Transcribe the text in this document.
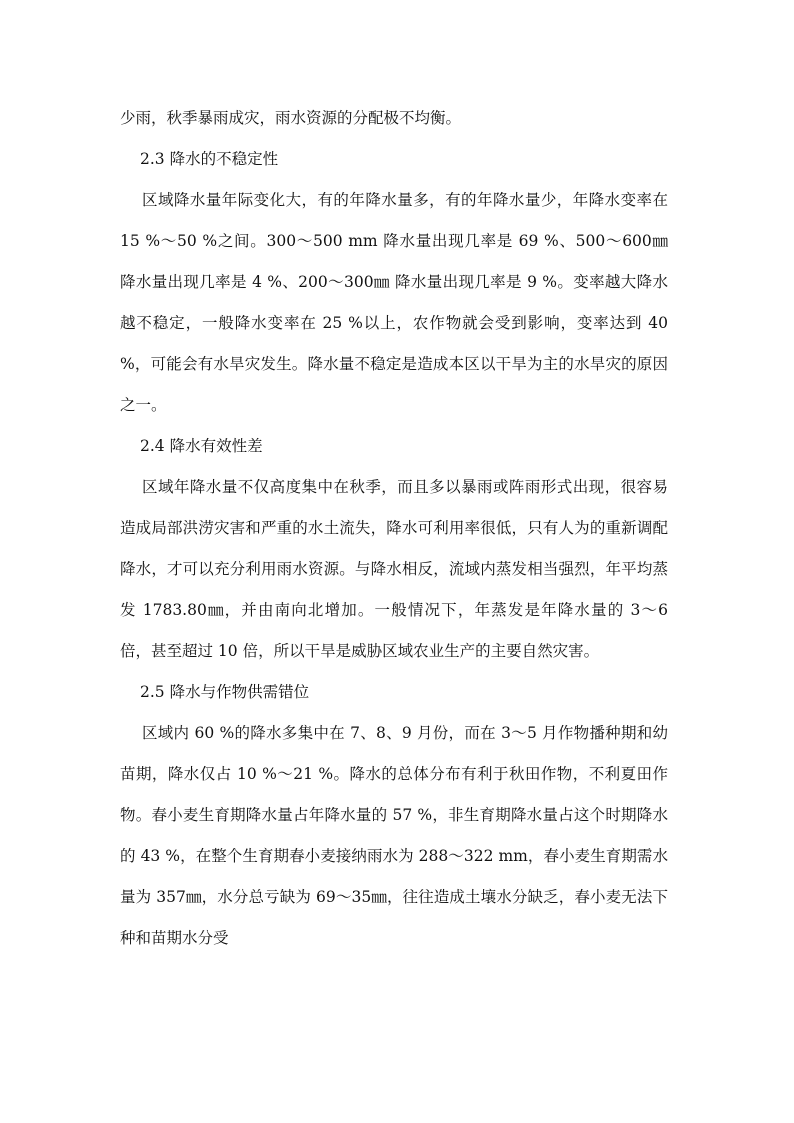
少雨，秋季暴雨成灾，雨水资源的分配极不均衡。

2.3 降水的不稳定性

区域降水量年际变化大，有的年降水量多，有的年降水量少，年降水变率在 15 %～50 %之间。300～500 mm 降水量出现几率是 69 %、500～600㎜ 降水量出现几率是 4 %、200～300㎜ 降水量出现几率是 9 %。变率越大降水越不稳定，一般降水变率在 25 %以上，农作物就会受到影响，变率达到 40 %，可能会有水旱灾发生。降水量不稳定是造成本区以干旱为主的水旱灾的原因之一。

2.4 降水有效性差

区域年降水量不仅高度集中在秋季，而且多以暴雨或阵雨形式出现，很容易造成局部洪涝灾害和严重的水土流失，降水可利用率很低，只有人为的重新调配降水，才可以充分利用雨水资源。与降水相反，流域内蒸发相当强烈，年平均蒸发 1783.80㎜，并由南向北增加。一般情况下，年蒸发是年降水量的 3～6 倍，甚至超过 10 倍，所以干旱是威胁区域农业生产的主要自然灾害。

2.5 降水与作物供需错位

区域内 60 %的降水多集中在 7、8、9 月份，而在 3～5 月作物播种期和幼苗期，降水仅占 10 %～21 %。降水的总体分布有利于秋田作物，不利夏田作物。春小麦生育期降水量占年降水量的 57 %，非生育期降水量占这个时期降水的 43 %，在整个生育期春小麦接纳雨水为 288～322 mm，春小麦生育期需水量为 357㎜，水分总亏缺为 69～35㎜，往往造成土壤水分缺乏，春小麦无法下种和苗期水分受
